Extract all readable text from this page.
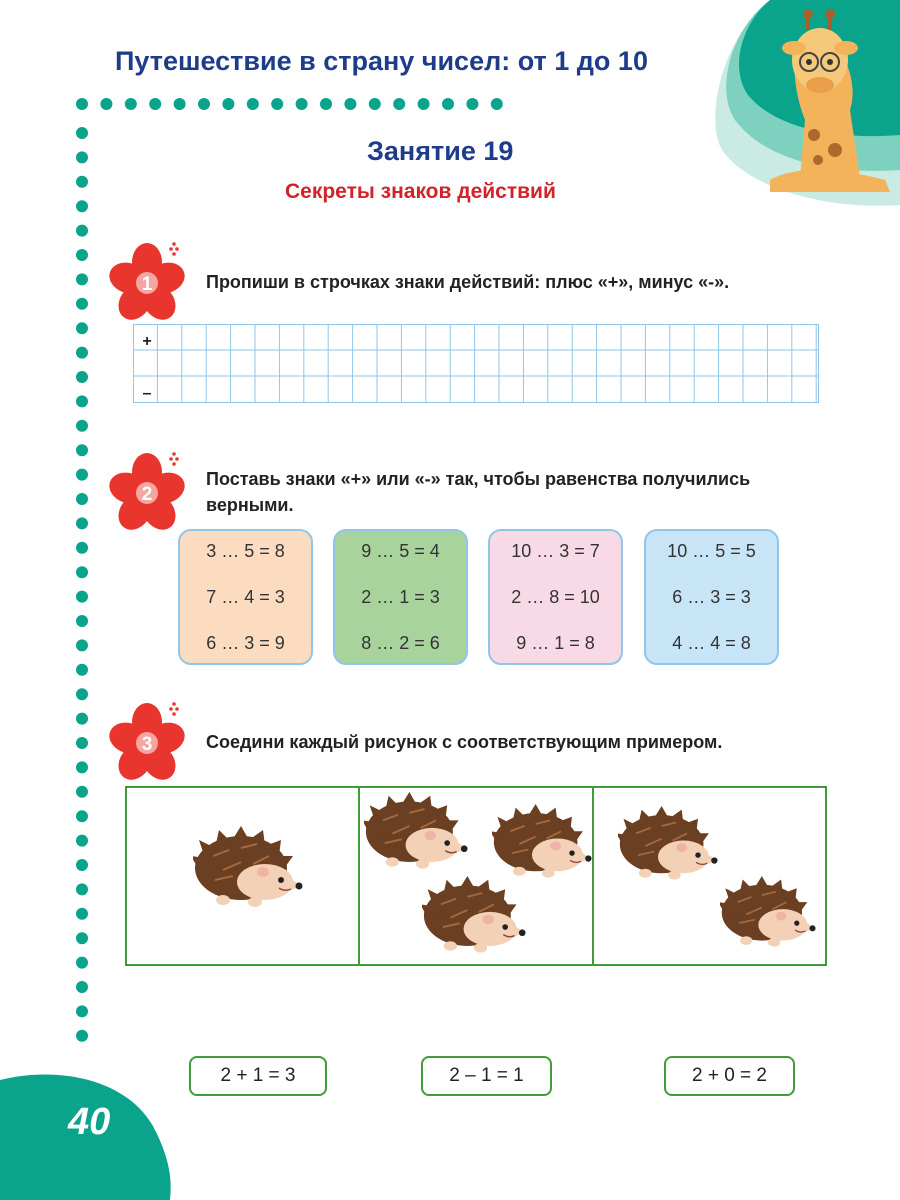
Путешествие в страну чисел: от 1 до 10
Занятие 19
Секреты знаков действий
1	Пропиши в строчках знаки действий: плюс «+», минус «-».
+
–
2
Поставь знаки «+» или «-» так, чтобы равенства получились
верными.
3 … 5 = 8
7 … 4 = 3
6 … 3 = 9
9 … 5 = 4
2 … 1 = 3
8 … 2 = 6
10 … 3 = 7
2 … 8 = 10
9 … 1 = 8
10 … 5 = 5
6 … 3 = 3
4 … 4 = 8
3	Соедини каждый рисунок с соответствующим примером.
2 + 1 = 3	2 – 1 = 1	2 + 0 = 2
40
